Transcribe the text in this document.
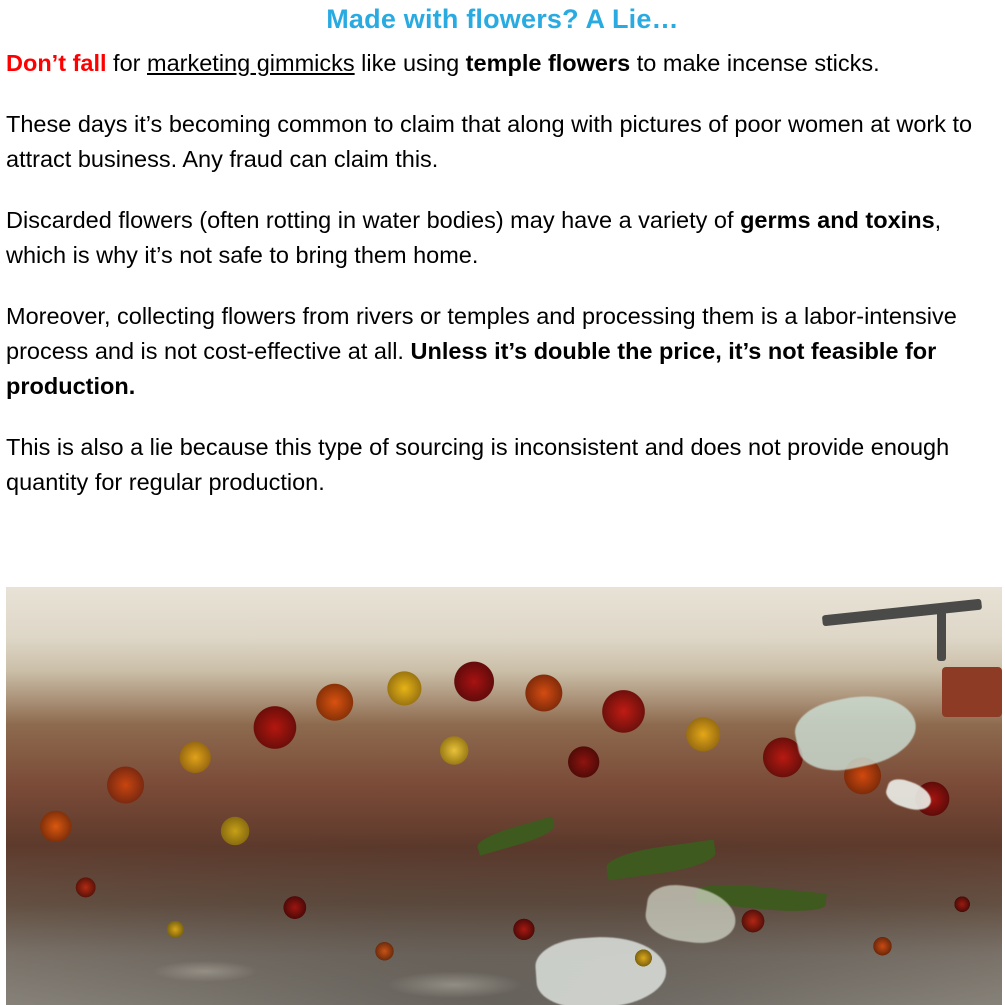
Made with flowers? A Lie…

Don’t fall for marketing gimmicks like using temple flowers to make incense sticks.

These days it’s becoming common to claim that along with pictures of poor women at work to attract business. Any fraud can claim this.

Discarded flowers (often rotting in water bodies) may have a variety of germs and toxins, which is why it’s not safe to bring them home.

Moreover, collecting flowers from rivers or temples and processing them is a labor-intensive process and is not cost-effective at all. Unless it’s double the price, it’s not feasible for production.

This is also a lie because this type of sourcing is inconsistent and does not provide enough quantity for regular production.
